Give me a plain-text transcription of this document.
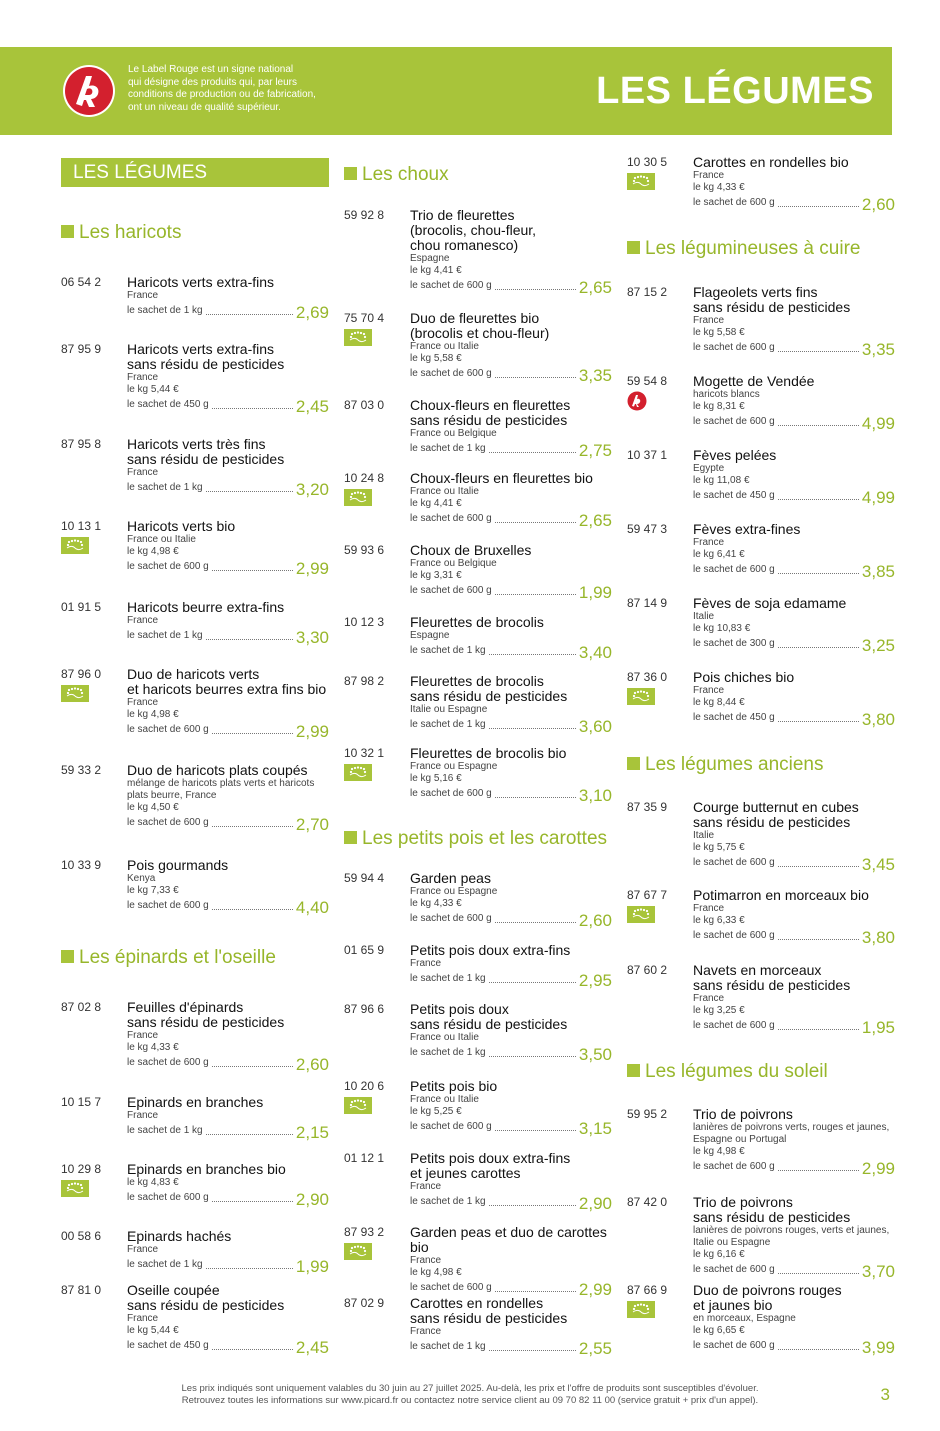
Le Label Rouge est un signe national
qui désigne des produits qui, par leurs
conditions de production ou de fabrication,
ont un niveau de qualité supérieur.	LES LÉGUMES
LES LÉGUMES
Les haricots
06 54 2 Haricots verts extra-fins
France
le sachet de 1 kg	2,69
87 95 9 Haricots verts extra-fins
sans résidu de pesticides
France
le kg 5,44 €
le sachet de 450 g	2,45
87 95 8 Haricots verts très fins
sans résidu de pesticides
France
le sachet de 1 kg	3,20
10 13 1 Haricots verts bio
France ou Italie
le kg 4,98 €
le sachet de 600 g	2,99
01 91 5 Haricots beurre extra-fins
France
le sachet de 1 kg	3,30
87 96 0 Duo de haricots verts
et haricots beurres extra fins bio
France
le kg 4,98 €
le sachet de 600 g	2,99
59 33 2 Duo de haricots plats coupés
mélange de haricots plats verts et haricots
plats beurre, France
le kg 4,50 €
le sachet de 600 g	2,70
10 33 9 Pois gourmands
Kenya
le kg 7,33 €
le sachet de 600 g	4,40
Les épinards et l'oseille
87 02 8 Feuilles d'épinards
sans résidu de pesticides
France
le kg 4,33 €
le sachet de 600 g	2,60
10 15 7 Epinards en branches
France
le sachet de 1 kg	2,15
10 29 8 Epinards en branches bio
le kg 4,83 €
le sachet de 600 g	2,90
00 58 6 Epinards hachés
France
le sachet de 1 kg	1,99
87 81 0 Oseille coupée
sans résidu de pesticides
France
le kg 5,44 €
le sachet de 450 g	2,45
Les choux
59 92 8 Trio de fleurettes
(brocolis, chou-fleur,
chou romanesco)
Espagne
le kg 4,41 €
le sachet de 600 g	2,65
75 70 4 Duo de fleurettes bio
(brocolis et chou-fleur)
France ou Italie
le kg 5,58 €
le sachet de 600 g	3,35
87 03 0 Choux-fleurs en fleurettes
sans résidu de pesticides
France ou Belgique
le sachet de 1 kg	2,75
10 24 8 Choux-fleurs en fleurettes bio
France ou Italie
le kg 4,41 €
le sachet de 600 g	2,65
59 93 6 Choux de Bruxelles
France ou Belgique
le kg 3,31 €
le sachet de 600 g	1,99
10 12 3 Fleurettes de brocolis
Espagne
le sachet de 1 kg	3,40
87 98 2 Fleurettes de brocolis
sans résidu de pesticides
Italie ou Espagne
le sachet de 1 kg	3,60
10 32 1 Fleurettes de brocolis bio
France ou Espagne
le kg 5,16 €
le sachet de 600 g	3,10
Les petits pois et les carottes
59 94 4 Garden peas
France ou Espagne
le kg 4,33 €
le sachet de 600 g	2,60
01 65 9 Petits pois doux extra-fins
France
le sachet de 1 kg	2,95
87 96 6 Petits pois doux
sans résidu de pesticides
France ou Italie
le sachet de 1 kg	3,50
10 20 6 Petits pois bio
France ou Italie
le kg 5,25 €
le sachet de 600 g	3,15
01 12 1 Petits pois doux extra-fins
et jeunes carottes
France
le sachet de 1 kg	2,90
87 93 2 Garden peas et duo de carottes
bio
France
le kg 4,98 €
le sachet de 600 g	2,99
87 02 9 Carottes en rondelles
sans résidu de pesticides
France
le sachet de 1 kg	2,55
10 30 5 Carottes en rondelles bio
France
le kg 4,33 €
le sachet de 600 g	2,60
Les légumineuses à cuire
87 15 2 Flageolets verts fins
sans résidu de pesticides
France
le kg 5,58 €
le sachet de 600 g	3,35
59 54 8 Mogette de Vendée
haricots blancs
le kg 8,31 €
le sachet de 600 g	4,99
10 37 1 Fèves pelées
Egypte
le kg 11,08 €
le sachet de 450 g	4,99
59 47 3 Fèves extra-fines
France
le kg 6,41 €
le sachet de 600 g	3,85
87 14 9 Fèves de soja edamame
Italie
le kg 10,83 €
le sachet de 300 g	3,25
87 36 0 Pois chiches bio
France
le kg 8,44 €
le sachet de 450 g	3,80
Les légumes anciens
87 35 9 Courge butternut en cubes
sans résidu de pesticides
Italie
le kg 5,75 €
le sachet de 600 g	3,45
87 67 7 Potimarron en morceaux bio
France
le kg 6,33 €
le sachet de 600 g	3,80
87 60 2 Navets en morceaux
sans résidu de pesticides
France
le kg 3,25 €
le sachet de 600 g	1,95
Les légumes du soleil
59 95 2 Trio de poivrons
lanières de poivrons verts, rouges et jaunes,
Espagne ou Portugal
le kg 4,98 €
le sachet de 600 g	2,99
87 42 0 Trio de poivrons
sans résidu de pesticides
lanières de poivrons rouges, verts et jaunes,
Italie ou Espagne
le kg 6,16 €
le sachet de 600 g	3,70
87 66 9 Duo de poivrons rouges
et jaunes bio
en morceaux, Espagne
le kg 6,65 €
le sachet de 600 g	3,99
Les prix indiqués sont uniquement valables du 30 juin au 27 juillet 2025. Au-delà, les prix et l'offre de produits sont susceptibles d'évoluer.
Retrouvez toutes les informations sur www.picard.fr ou contactez notre service client au 09 70 82 11 00 (service gratuit + prix d'un appel).	3
